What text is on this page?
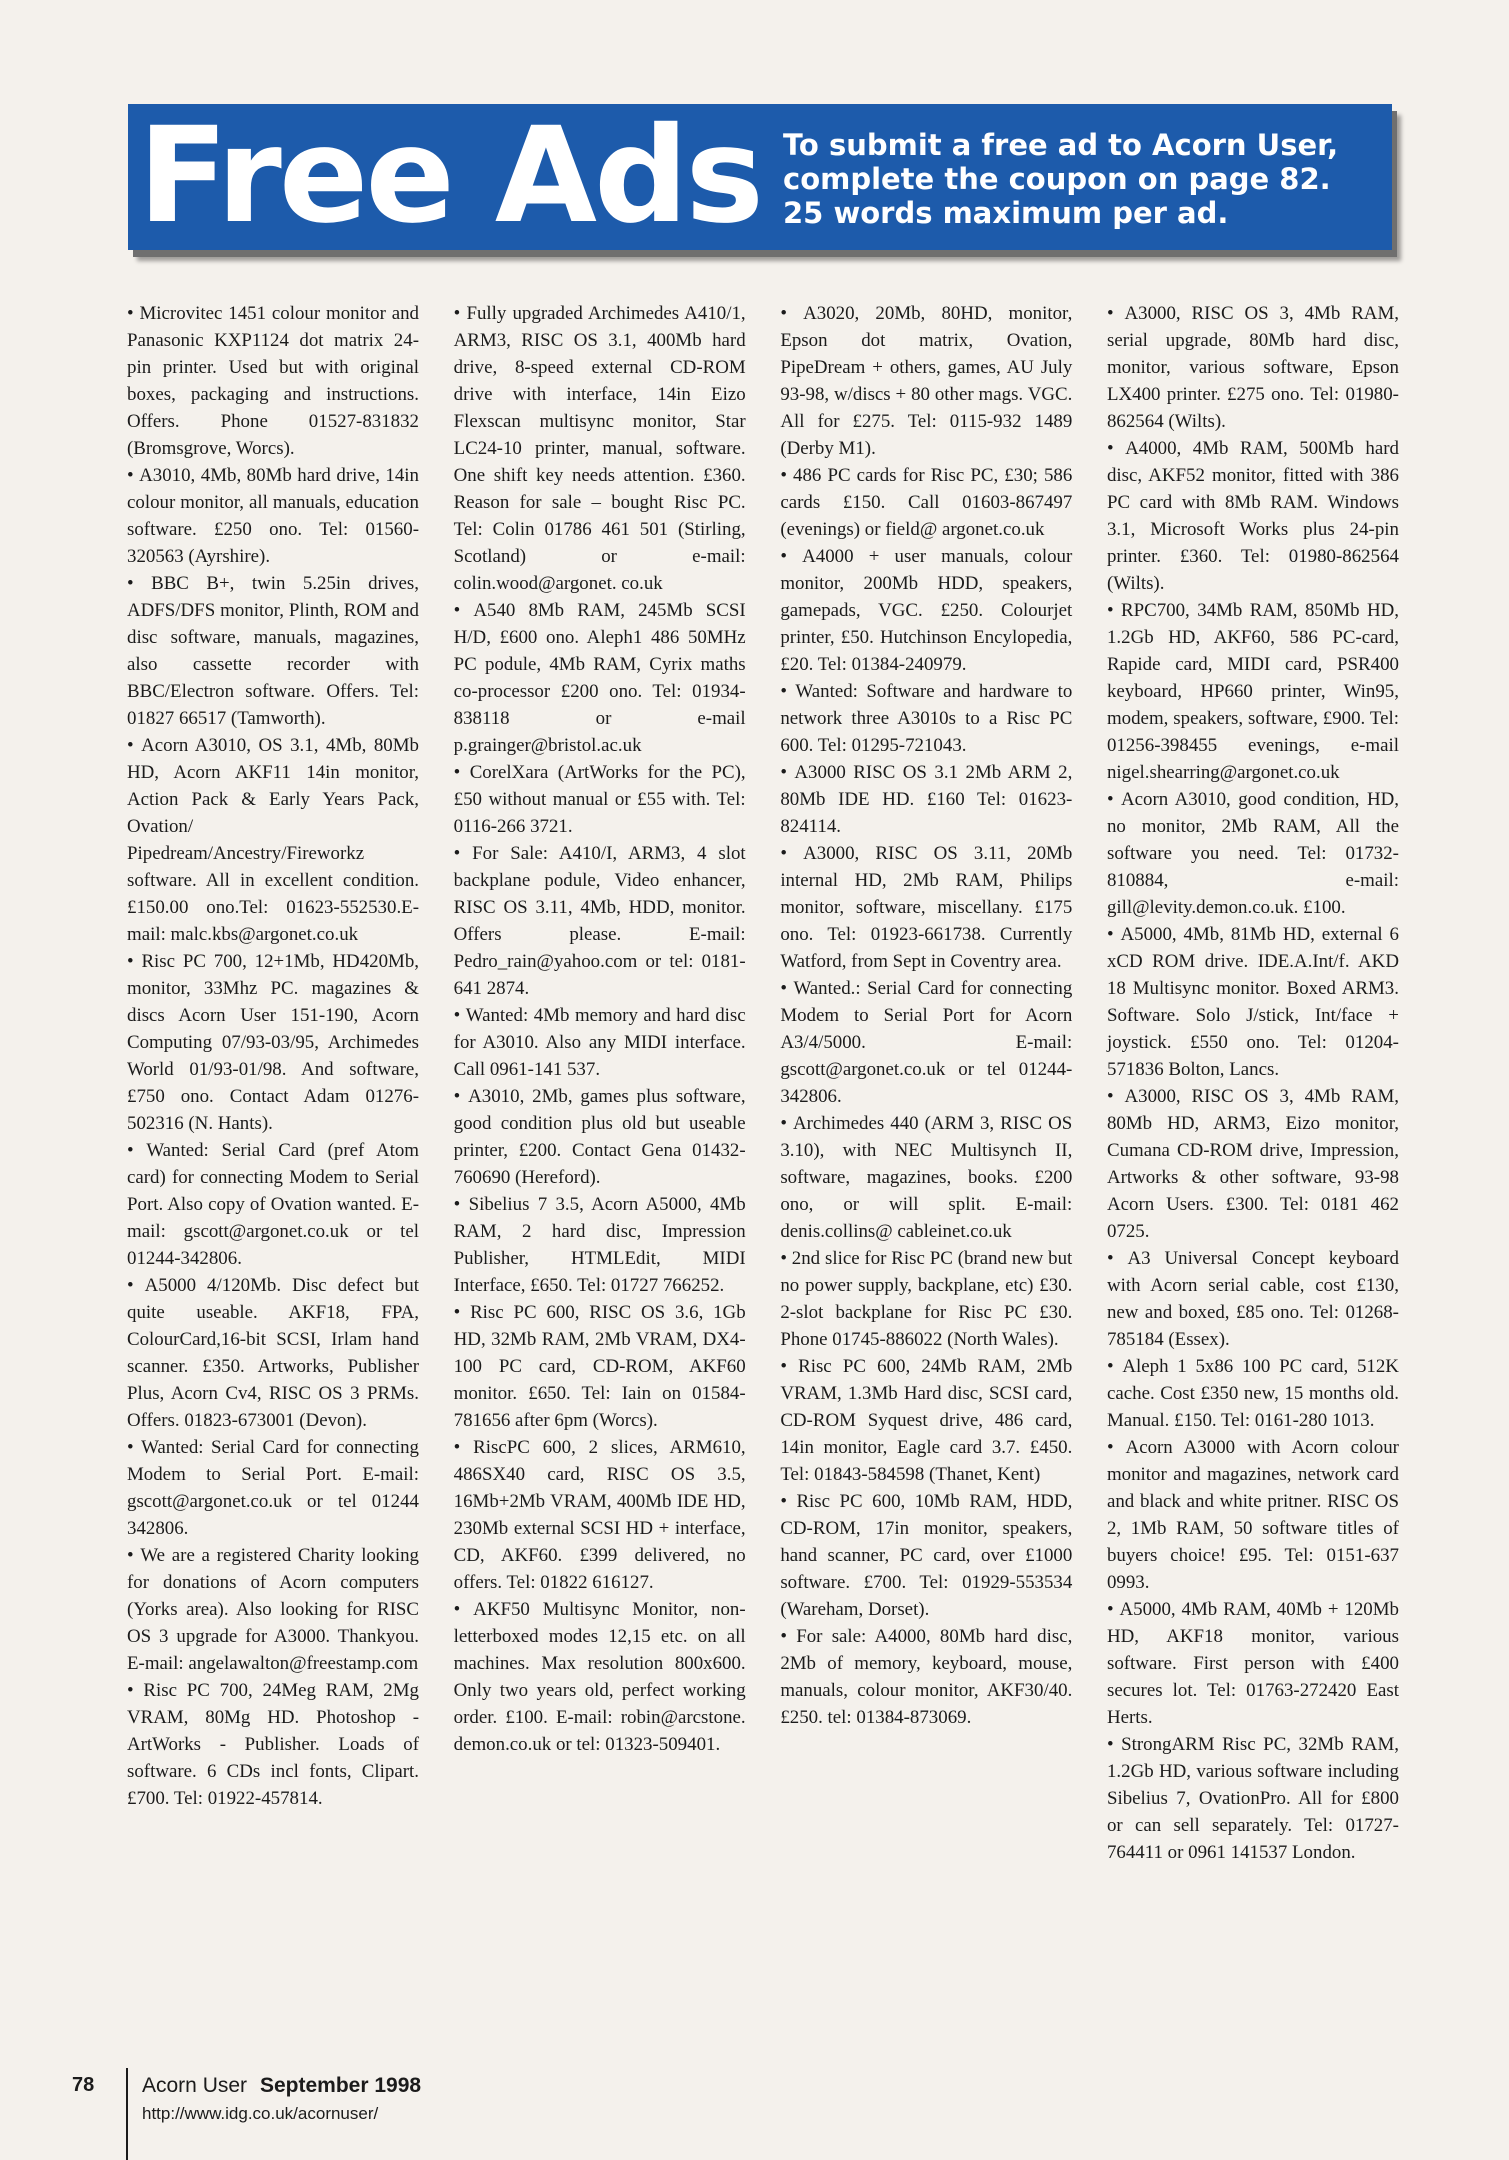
Free Ads To submit a free ad to Acorn User,
complete the coupon on page 82.
25 words maximum per ad.

• Microvitec 1451 colour monitor and Panasonic KXP1124 dot matrix 24-pin printer. Used but with original boxes, packaging and instructions. Offers. Phone 01527-831832 (Bromsgrove, Worcs).

• A3010, 4Mb, 80Mb hard drive, 14in colour monitor, all manuals, education software. £250 ono. Tel: 01560-320563 (Ayrshire).

• BBC B+, twin 5.25in drives, ADFS/DFS monitor, Plinth, ROM and disc software, manuals, magazines, also cassette recorder with BBC/Electron software. Offers. Tel: 01827 66517 (Tamworth).

• Acorn A3010, OS 3.1, 4Mb, 80Mb HD, Acorn AKF11 14in monitor, Action Pack & Early Years Pack, Ovation/ Pipedream/Ancestry/Fireworkz software. All in excellent condition. £150.00 ono.Tel: 01623-552530.E-mail: malc.kbs@argonet.co.uk

• Risc PC 700, 12+1Mb, HD420Mb, monitor, 33Mhz PC. magazines & discs Acorn User 151-190, Acorn Computing 07/93-03/95, Archimedes World 01/93-01/98. And software, £750 ono. Contact Adam 01276-502316 (N. Hants).

• Wanted: Serial Card (pref Atom card) for connecting Modem to Serial Port. Also copy of Ovation wanted. E-mail: gscott@argonet.co.uk or tel 01244-342806.

• A5000 4/120Mb. Disc defect but quite useable. AKF18, FPA, ColourCard,16-bit SCSI, Irlam hand scanner. £350. Artworks, Publisher Plus, Acorn Cv4, RISC OS 3 PRMs. Offers. 01823-673001 (Devon).

• Wanted: Serial Card for connecting Modem to Serial Port. E-mail: gscott@argonet.co.uk or tel 01244 342806.

• We are a registered Charity looking for donations of Acorn computers (Yorks area). Also looking for RISC OS 3 upgrade for A3000. Thankyou. E-mail: angelawalton@freestamp.com

• Risc PC 700, 24Meg RAM, 2Mg VRAM, 80Mg HD. Photoshop - ArtWorks - Publisher. Loads of software. 6 CDs incl fonts, Clipart. £700. Tel: 01922-457814.

• Fully upgraded Archimedes A410/1, ARM3, RISC OS 3.1, 400Mb hard drive, 8-speed external CD-ROM drive with interface, 14in Eizo Flexscan multisync monitor, Star LC24-10 printer, manual, software. One shift key needs attention. £360. Reason for sale – bought Risc PC. Tel: Colin 01786 461 501 (Stirling, Scotland) or e-mail: colin.wood@argonet. co.uk

• A540 8Mb RAM, 245Mb SCSI H/D, £600 ono. Aleph1 486 50MHz PC podule, 4Mb RAM, Cyrix maths co-processor £200 ono. Tel: 01934-838118 or e-mail p.grainger@bristol.ac.uk

• CorelXara (ArtWorks for the PC), £50 without manual or £55 with. Tel: 0116-266 3721.

• For Sale: A410/I, ARM3, 4 slot backplane podule, Video enhancer, RISC OS 3.11, 4Mb, HDD, monitor. Offers please. E-mail: Pedro_rain@yahoo.com or tel: 0181-641 2874.

• Wanted: 4Mb memory and hard disc for A3010. Also any MIDI interface. Call 0961-141 537.

• A3010, 2Mb, games plus software, good condition plus old but useable printer, £200. Contact Gena 01432-760690 (Hereford).

• Sibelius 7 3.5, Acorn A5000, 4Mb RAM, 2 hard disc, Impression Publisher, HTMLEdit, MIDI Interface, £650. Tel: 01727 766252.

• Risc PC 600, RISC OS 3.6, 1Gb HD, 32Mb RAM, 2Mb VRAM, DX4-100 PC card, CD-ROM, AKF60 monitor. £650. Tel: Iain on 01584-781656 after 6pm (Worcs).

• RiscPC 600, 2 slices, ARM610, 486SX40 card, RISC OS 3.5, 16Mb+2Mb VRAM, 400Mb IDE HD, 230Mb external SCSI HD + interface, CD, AKF60. £399 delivered, no offers. Tel: 01822 616127.

• AKF50 Multisync Monitor, non-letterboxed modes 12,15 etc. on all machines. Max resolution 800x600. Only two years old, perfect working order. £100. E-mail: robin@arcstone. demon.co.uk or tel: 01323-509401.

• A3020, 20Mb, 80HD, monitor, Epson dot matrix, Ovation, PipeDream + others, games, AU July 93-98, w/discs + 80 other mags. VGC. All for £275. Tel: 0115-932 1489 (Derby M1).

• 486 PC cards for Risc PC, £30; 586 cards £150. Call 01603-867497 (evenings) or field@ argonet.co.uk

• A4000 + user manuals, colour monitor, 200Mb HDD, speakers, gamepads, VGC. £250. Colourjet printer, £50. Hutchinson Encylopedia, £20. Tel: 01384-240979.

• Wanted: Software and hardware to network three A3010s to a Risc PC 600. Tel: 01295-721043.

• A3000 RISC OS 3.1 2Mb ARM 2, 80Mb IDE HD. £160 Tel: 01623-824114.

• A3000, RISC OS 3.11, 20Mb internal HD, 2Mb RAM, Philips monitor, software, miscellany. £175 ono. Tel: 01923-661738. Currently Watford, from Sept in Coventry area.

• Wanted.: Serial Card for connecting Modem to Serial Port for Acorn A3/4/5000. E-mail: gscott@argonet.co.uk or tel 01244-342806.

• Archimedes 440 (ARM 3, RISC OS 3.10), with NEC Multisynch II, software, magazines, books. £200 ono, or will split. E-mail: denis.collins@ cableinet.co.uk

• 2nd slice for Risc PC (brand new but no power supply, backplane, etc) £30. 2-slot backplane for Risc PC £30. Phone 01745-886022 (North Wales).

• Risc PC 600, 24Mb RAM, 2Mb VRAM, 1.3Mb Hard disc, SCSI card, CD-ROM Syquest drive, 486 card, 14in monitor, Eagle card 3.7. £450. Tel: 01843-584598 (Thanet, Kent)

• Risc PC 600, 10Mb RAM, HDD, CD-ROM, 17in monitor, speakers, hand scanner, PC card, over £1000 software. £700. Tel: 01929-553534 (Wareham, Dorset).

• For sale: A4000, 80Mb hard disc, 2Mb of memory, keyboard, mouse, manuals, colour monitor, AKF30/40. £250. tel: 01384-873069.

• A3000, RISC OS 3, 4Mb RAM, serial upgrade, 80Mb hard disc, monitor, various software, Epson LX400 printer. £275 ono. Tel: 01980-862564 (Wilts).

• A4000, 4Mb RAM, 500Mb hard disc, AKF52 monitor, fitted with 386 PC card with 8Mb RAM. Windows 3.1, Microsoft Works plus 24-pin printer. £360. Tel: 01980-862564 (Wilts).

• RPC700, 34Mb RAM, 850Mb HD, 1.2Gb HD, AKF60, 586 PC-card, Rapide card, MIDI card, PSR400 keyboard, HP660 printer, Win95, modem, speakers, software, £900. Tel: 01256-398455 evenings, e-mail nigel.shearring@argonet.co.uk

• Acorn A3010, good condition, HD, no monitor, 2Mb RAM, All the software you need. Tel: 01732-810884, e-mail: gill@levity.demon.co.uk. £100.

• A5000, 4Mb, 81Mb HD, external 6 xCD ROM drive. IDE.A.Int/f. AKD 18 Multisync monitor. Boxed ARM3. Software. Solo J/stick, Int/face + joystick. £550 ono. Tel: 01204-571836 Bolton, Lancs.

• A3000, RISC OS 3, 4Mb RAM, 80Mb HD, ARM3, Eizo monitor, Cumana CD-ROM drive, Impression, Artworks & other software, 93-98 Acorn Users. £300. Tel: 0181 462 0725.

• A3 Universal Concept keyboard with Acorn serial cable, cost £130, new and boxed, £85 ono. Tel: 01268-785184 (Essex).

• Aleph 1 5x86 100 PC card, 512K cache. Cost £350 new, 15 months old. Manual. £150. Tel: 0161-280 1013.

• Acorn A3000 with Acorn colour monitor and magazines, network card and black and white pritner. RISC OS 2, 1Mb RAM, 50 software titles of buyers choice! £95. Tel: 0151-637 0993.

• A5000, 4Mb RAM, 40Mb + 120Mb HD, AKF18 monitor, various software. First person with £400 secures lot. Tel: 01763-272420 East Herts.

• StrongARM Risc PC, 32Mb RAM, 1.2Gb HD, various software including Sibelius 7, OvationPro. All for £800 or can sell separately. Tel: 01727-764411 or 0961 141537 London.

78 Acorn User September 1998
http://www.idg.co.uk/acornuser/
